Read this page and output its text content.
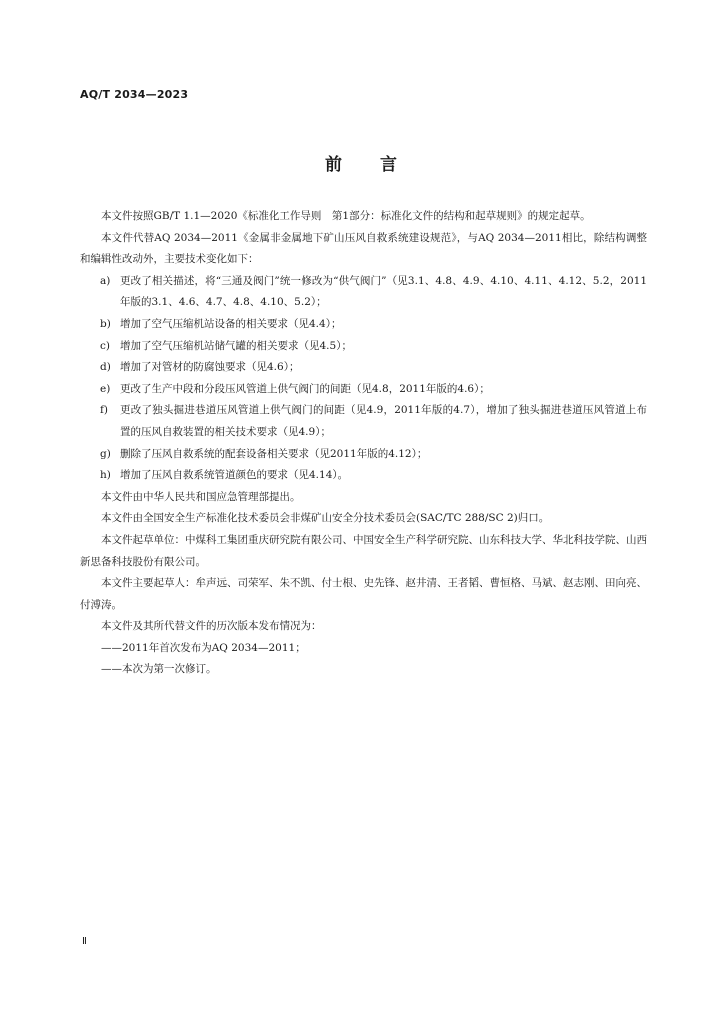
AQ/T 2034—2023
前 言

本文件按照GB/T 1.1—2020《标准化工作导则　第1部分：标准化文件的结构和起草规则》的规定起草。

本文件代替AQ 2034—2011《金属非金属地下矿山压风自救系统建设规范》，与AQ 2034—2011相比，除结构调整和编辑性改动外，主要技术变化如下：

a) 更改了相关描述，将“三通及阀门”统一修改为“供气阀门”（见3.1、4.8、4.9、4.10、4.11、4.12、5.2，2011年版的3.1、4.6、4.7、4.8、4.10、5.2）；
b) 增加了空气压缩机站设备的相关要求（见4.4）；
c) 增加了空气压缩机站储气罐的相关要求（见4.5）；
d) 增加了对管材的防腐蚀要求（见4.6）；
e) 更改了生产中段和分段压风管道上供气阀门的间距（见4.8，2011年版的4.6）；
f) 更改了独头掘进巷道压风管道上供气阀门的间距（见4.9，2011年版的4.7），增加了独头掘进巷道压风管道上布置的压风自救装置的相关技术要求（见4.9）；
g) 删除了压风自救系统的配套设备相关要求（见2011年版的4.12）；
h) 增加了压风自救系统管道颜色的要求（见4.14）。

本文件由中华人民共和国应急管理部提出。

本文件由全国安全生产标准化技术委员会非煤矿山安全分技术委员会(SAC/TC 288/SC 2)归口。

本文件起草单位：中煤科工集团重庆研究院有限公司、中国安全生产科学研究院、山东科技大学、华北科技学院、山西新思备科技股份有限公司。

本文件主要起草人：牟声远、司荣军、朱不凯、付士根、史先锋、赵井清、王者韬、曹恒格、马斌、赵志刚、田向亮、付溥涛。

本文件及其所代替文件的历次版本发布情况为：

——2011年首次发布为AQ 2034—2011；

——本次为第一次修订。

Ⅱ
